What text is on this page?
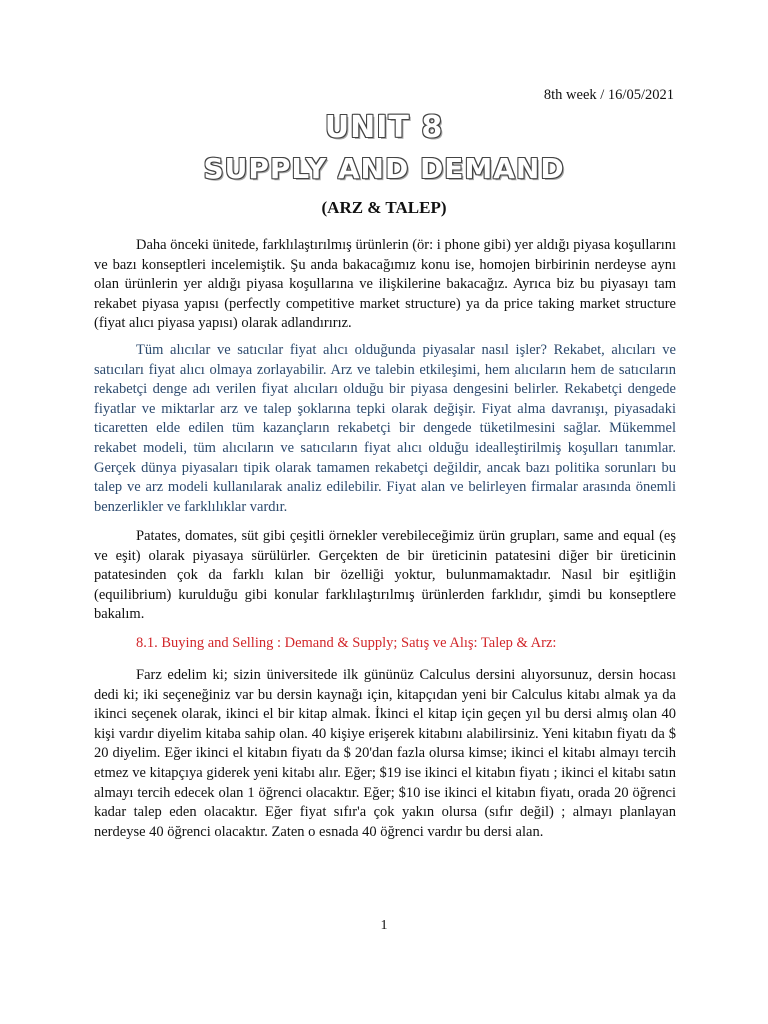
8th week / 16/05/2021
UNIT 8
SUPPLY AND DEMAND
(ARZ & TALEP)

Daha önceki ünitede, farklılaştırılmış ürünlerin (ör: i phone gibi) yer aldığı piyasa koşullarını ve bazı konseptleri incelemiştik. Şu anda bakacağımız konu ise, homojen birbirinin nerdeyse aynı olan ürünlerin yer aldığı piyasa koşullarına ve ilişkilerine bakacağız. Ayrıca biz bu piyasayı tam rekabet piyasa yapısı (perfectly competitive market structure) ya da price taking market structure (fiyat alıcı piyasa yapısı) olarak adlandırırız.

Tüm alıcılar ve satıcılar fiyat alıcı olduğunda piyasalar nasıl işler? Rekabet, alıcıları ve satıcıları fiyat alıcı olmaya zorlayabilir. Arz ve talebin etkileşimi, hem alıcıların hem de satıcıların rekabetçi denge adı verilen fiyat alıcıları olduğu bir piyasa dengesini belirler. Rekabetçi dengede fiyatlar ve miktarlar arz ve talep şoklarına tepki olarak değişir. Fiyat alma davranışı, piyasadaki ticaretten elde edilen tüm kazançların rekabetçi bir dengede tüketilmesini sağlar. Mükemmel rekabet modeli, tüm alıcıların ve satıcıların fiyat alıcı olduğu idealleştirilmiş koşulları tanımlar. Gerçek dünya piyasaları tipik olarak tamamen rekabetçi değildir, ancak bazı politika sorunları bu talep ve arz modeli kullanılarak analiz edilebilir. Fiyat alan ve belirleyen firmalar arasında önemli benzerlikler ve farklılıklar vardır.

Patates, domates, süt gibi çeşitli örnekler verebileceğimiz ürün grupları, same and equal (eş ve eşit) olarak piyasaya sürülürler. Gerçekten de bir üreticinin patatesini diğer bir üreticinin patatesinden çok da farklı kılan bir özelliği yoktur, bulunmamaktadır. Nasıl bir eşitliğin (equilibrium) kurulduğu gibi konular farklılaştırılmış ürünlerden farklıdır, şimdi bu konseptlere bakalım.

8.1. Buying and Selling : Demand & Supply; Satış ve Alış: Talep & Arz:

Farz edelim ki; sizin üniversitede ilk gününüz Calculus dersini alıyorsunuz, dersin hocası dedi ki; iki seçeneğiniz var bu dersin kaynağı için, kitapçıdan yeni bir Calculus kitabı almak ya da ikinci seçenek olarak, ikinci el bir kitap almak. İkinci el kitap için geçen yıl bu dersi almış olan 40 kişi vardır diyelim kitaba sahip olan. 40 kişiye erişerek kitabını alabilirsiniz. Yeni kitabın fiyatı da $ 20 diyelim. Eğer ikinci el kitabın fiyatı da $ 20'dan fazla olursa kimse; ikinci el kitabı almayı tercih etmez ve kitapçıya giderek yeni kitabı alır. Eğer; $19 ise ikinci el kitabın fiyatı ; ikinci el kitabı satın almayı tercih edecek olan 1 öğrenci olacaktır. Eğer; $10 ise ikinci el kitabın fiyatı, orada 20 öğrenci kadar talep eden olacaktır. Eğer fiyat sıfır'a çok yakın olursa (sıfır değil) ; almayı planlayan nerdeyse 40 öğrenci olacaktır. Zaten o esnada 40 öğrenci vardır bu dersi alan.

1
